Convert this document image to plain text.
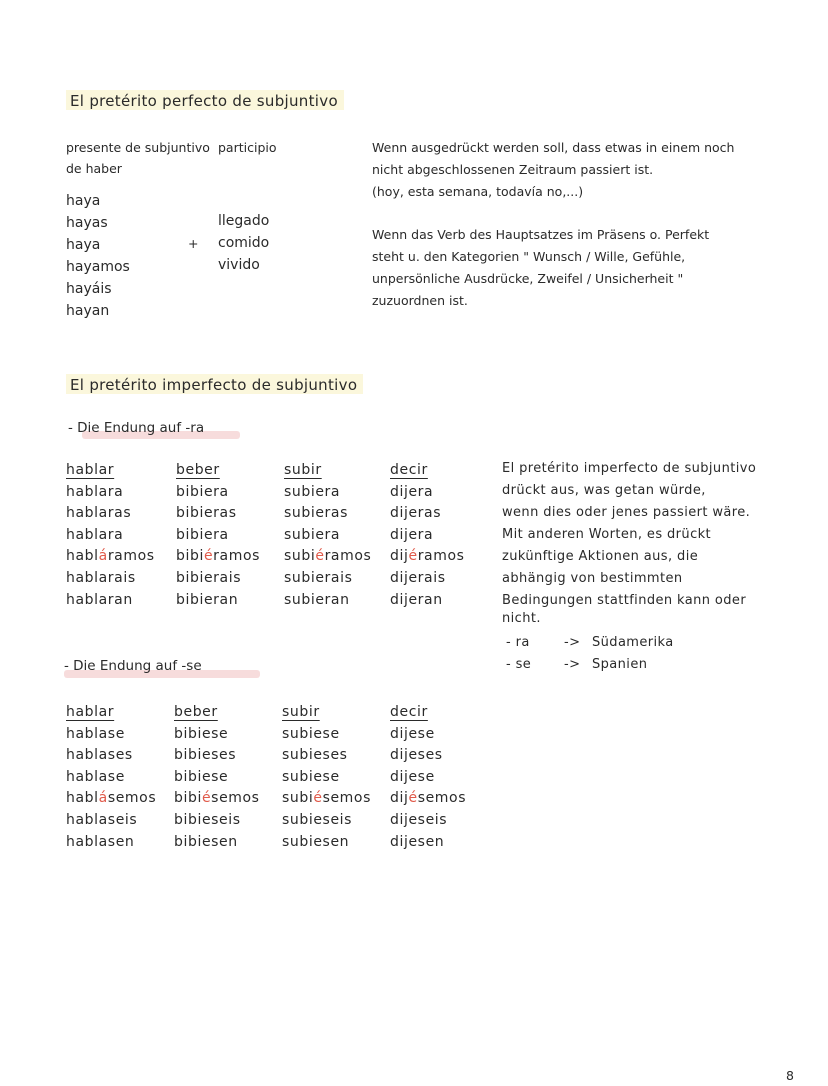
El pretérito perfecto de subjuntivo
presente de subjuntivo
de haber
participio
haya
hayas
haya
hayamos
hayáis
hayan
+
llegado
comido
vivido
Wenn ausgedrückt werden soll, dass etwas in einem noch
nicht abgeschlossenen Zeitraum passiert ist.
(hoy, esta semana, todavía no,...)
Wenn das Verb des Hauptsatzes im Präsens o. Perfekt
steht u. den Kategorien " Wunsch / Wille, Gefühle,
unpersönliche Ausdrücke, Zweifel / Unsicherheit "
zuzuordnen ist.
El pretérito imperfecto de subjuntivo
- Die Endung auf -ra
hablar
hablara
hablaras
hablara
habláramos
hablarais
hablaran
beber
bibiera
bibieras
bibiera
bibiéramos
bibierais
bibieran
subir
subiera
subieras
subiera
subiéramos
subierais
subieran
decir
dijera
dijeras
dijera
dijéramos
dijerais
dijeran
El pretérito imperfecto de subjuntivo
drückt aus, was getan würde,
wenn dies oder jenes passiert wäre.
Mit anderen Worten, es drückt
zukünftige Aktionen aus, die
abhängig von bestimmten
Bedingungen stattfinden kann oder
nicht.
- ra	-> Südamerika
- se	-> Spanien
- Die Endung auf -se
hablar
hablase
hablases
hablase
hablásemos
hablaseis
hablasen
beber
bibiese
bibieses
bibiese
bibiésemos
bibieseis
bibiesen
subir
subiese
subieses
subiese
subiésemos
subieseis
subiesen
decir
dijese
dijeses
dijese
dijésemos
dijeseis
dijesen
8
